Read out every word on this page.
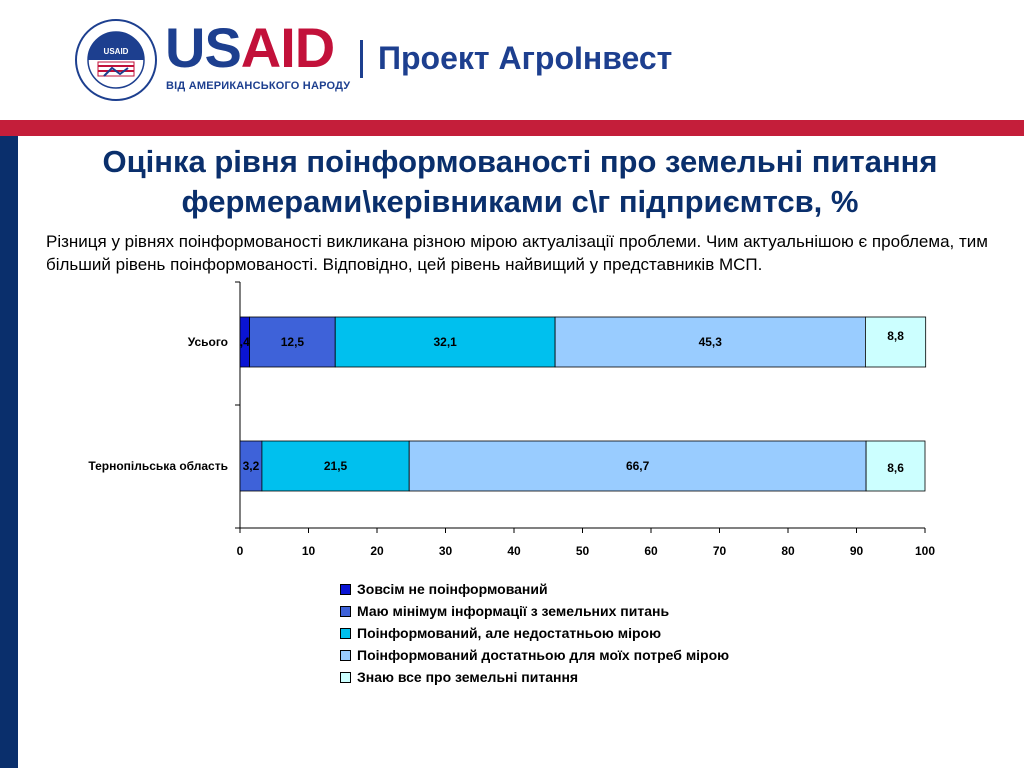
USAID USAID
ВІД АМЕРИКАНСЬКОГО НАРОДУ
Проект АгроІнвест
Оцінка рівня поінформованості про земельні питання
фермерами\керівниками с\г підприємтсв, %
Різниця у рівнях поінформованості викликана різною мірою актуалізації проблеми. Чим актуальнішою є проблема, тим більший рівень поінформованості. Відповідно, цей рівень найвищий у представників МСП.
0	10	20	30	40	50	60	70	80	90	100
Усього
Тернопільська область
,4	12,5	32,1	45,3	8,8
3,2	21,5	66,7	8,6
Зовсім не поінформований
Маю мінімум інформації з земельних питань
Поінформований, але недостатньою мірою
Поінформований достатньою для моїх потреб мірою
Знаю все про земельні питання
